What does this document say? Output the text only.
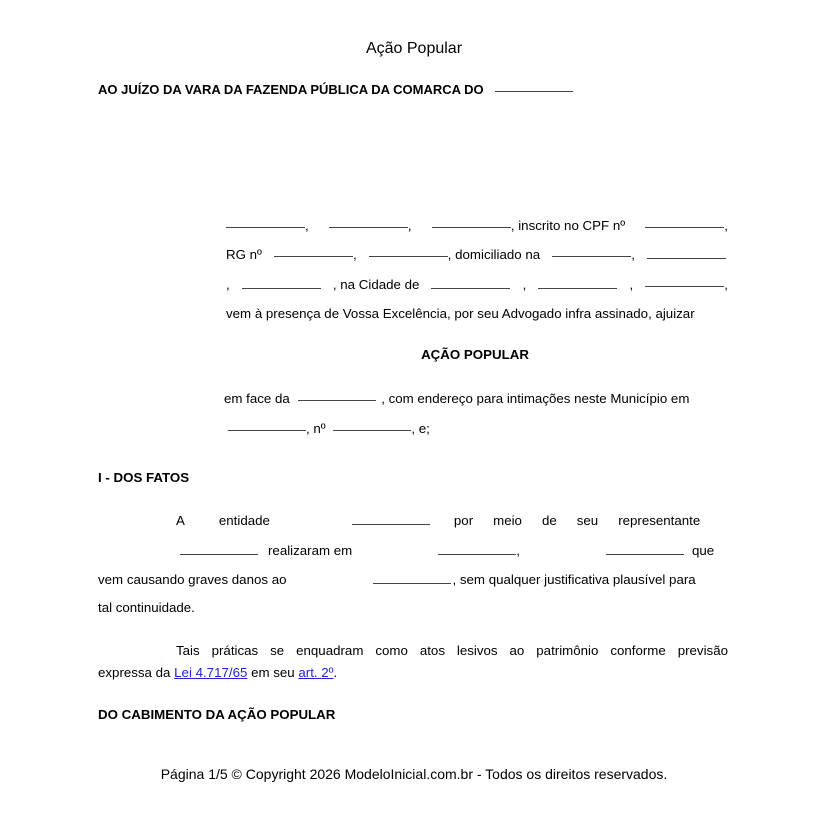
Ação Popular
AO JUÍZO DA VARA DA FAZENDA PÚBLICA DA COMARCA DO
,	,	, inscrito no CPF nº	,
RG nº	,	, domiciliado na	,
,	, na Cidade de	,	,	,
vem à presença de Vossa Excelência, por seu Advogado infra assinado, ajuizar
AÇÃO POPULAR
em face da	, com endereço para intimações neste Município em
, nº	, e;
I - DOS FATOS
A	entidade	por meio de seu representante
realizaram em	,	que
vem causando graves danos ao	, sem qualquer justificativa plausível para
tal continuidade.
Tais práticas se enquadram como atos lesivos ao patrimônio conforme previsão
expressa da Lei 4.717/65 em seu art. 2º.
DO CABIMENTO DA AÇÃO POPULAR
Página 1/5 © Copyright 2026 ModeloInicial.com.br - Todos os direitos reservados.
